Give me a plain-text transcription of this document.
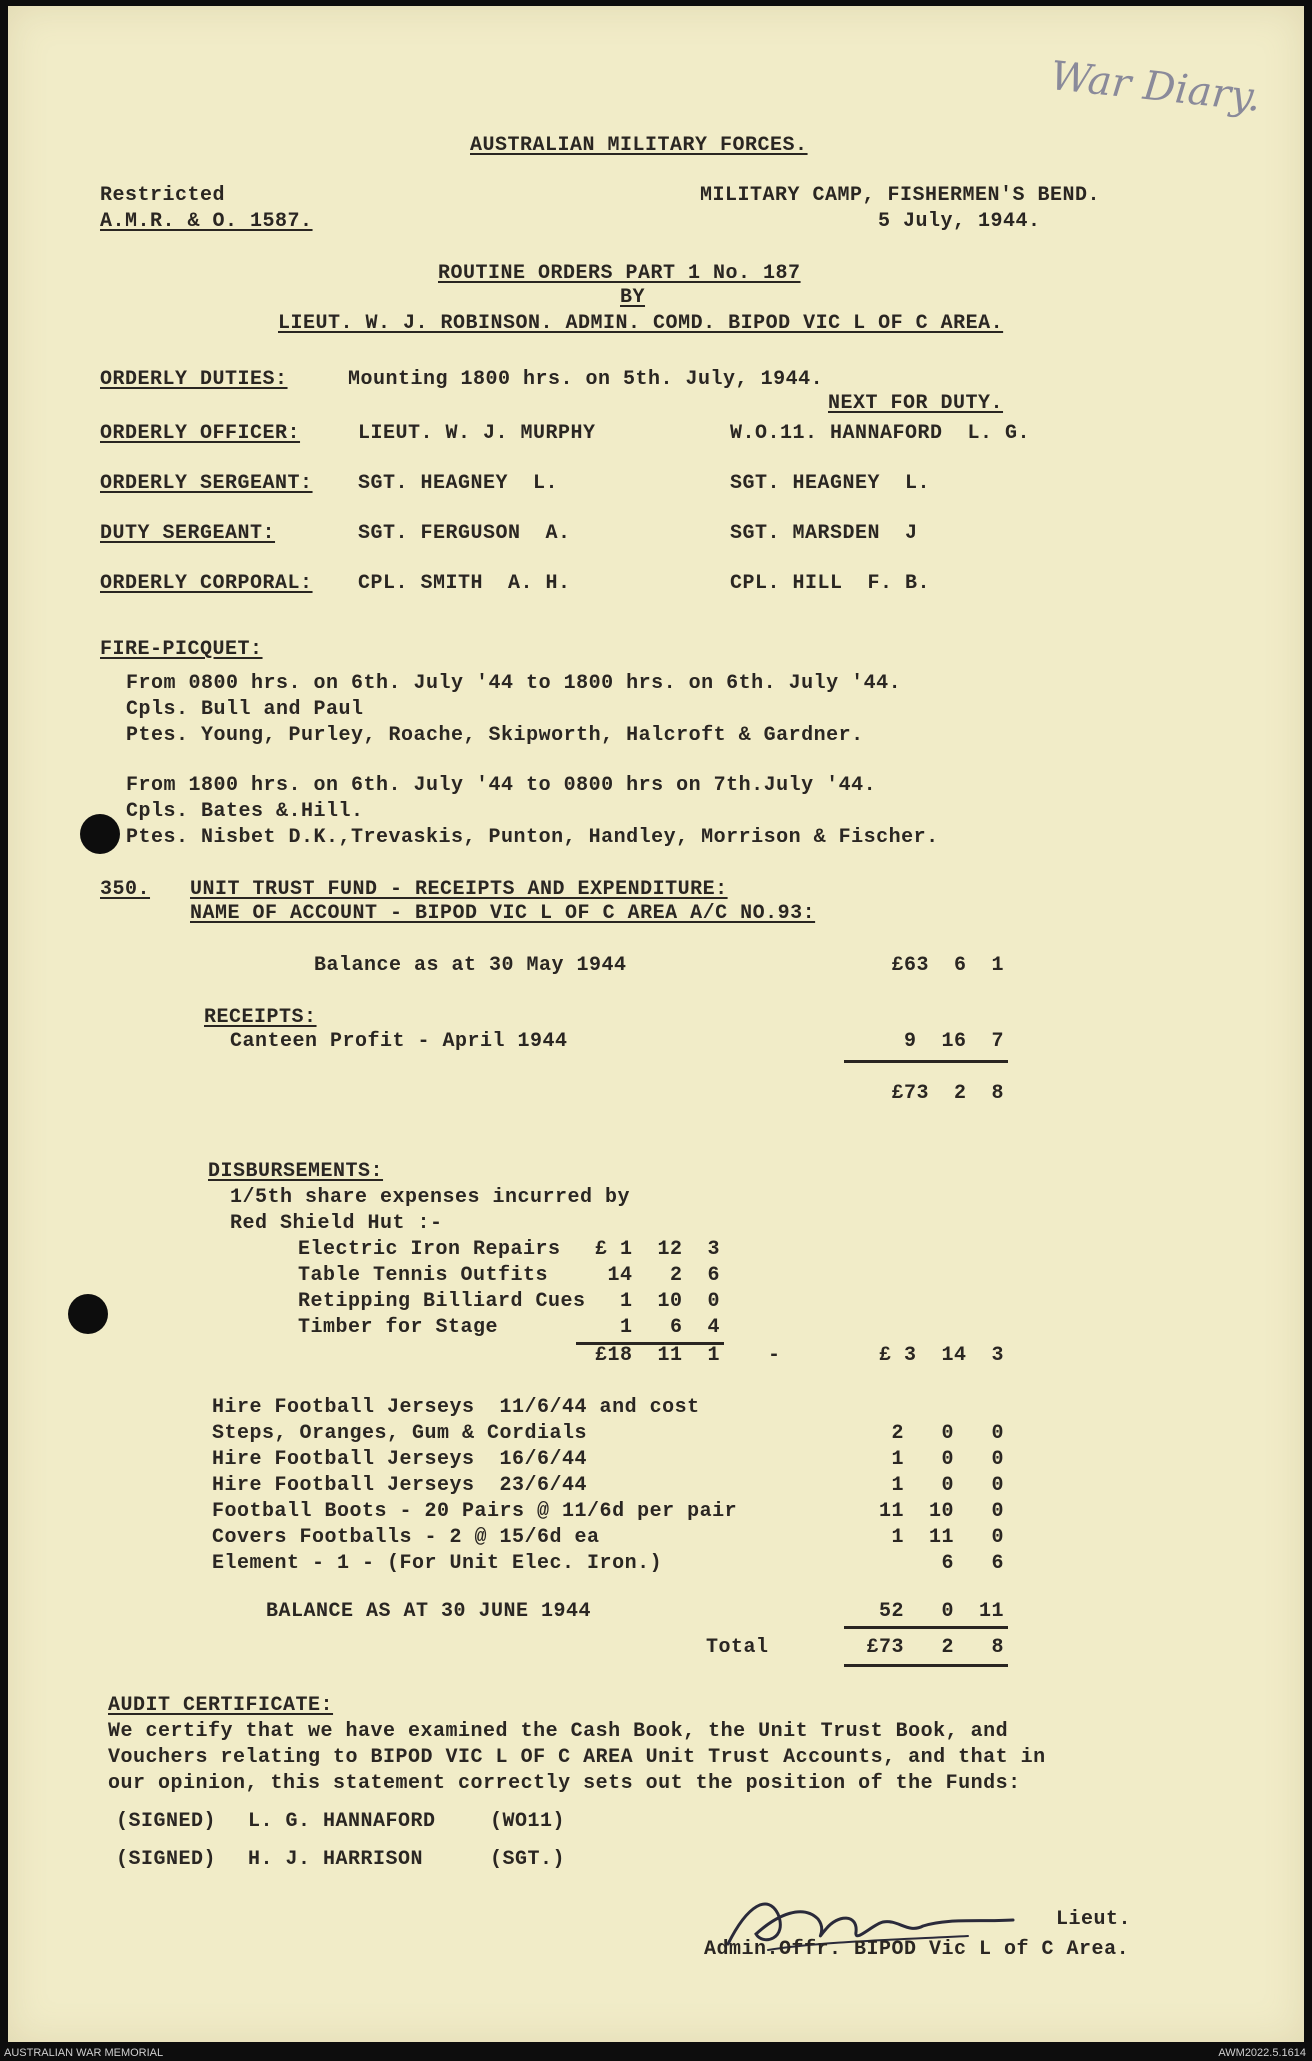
War Diary.
AUSTRALIAN MILITARY FORCES.
Restricted
A.M.R. & O. 1587.
MILITARY CAMP, FISHERMEN'S BEND.
5 July, 1944.
ROUTINE ORDERS PART 1 No. 187
BY
LIEUT. W. J. ROBINSON. ADMIN. COMD. BIPOD VIC L OF C AREA.
ORDERLY DUTIES:	Mounting 1800 hrs. on 5th. July, 1944.
NEXT FOR DUTY.
ORDERLY OFFICER:	LIEUT. W. J. MURPHY	W.O.11. HANNAFORD  L. G.
ORDERLY SERGEANT: SGT. HEAGNEY  L.	SGT. HEAGNEY  L.
DUTY SERGEANT:	SGT. FERGUSON  A.	SGT. MARSDEN  J
ORDERLY CORPORAL: CPL. SMITH  A. H.	CPL. HILL  F. B.
FIRE-PICQUET:
From 0800 hrs. on 6th. July '44 to 1800 hrs. on 6th. July '44.
Cpls. Bull and Paul
Ptes. Young, Purley, Roache, Skipworth, Halcroft & Gardner.
From 1800 hrs. on 6th. July '44 to 0800 hrs on 7th.July '44.
Cpls. Bates &.Hill.
Ptes. Nisbet D.K.,Trevaskis, Punton, Handley, Morrison & Fischer.
350. UNIT TRUST FUND - RECEIPTS AND EXPENDITURE:
NAME OF ACCOUNT - BIPOD VIC L OF C AREA A/C NO.93:
Balance as at 30 May 1944	£63  6  1
RECEIPTS:
Canteen Profit - April 1944	9  16  7
£73  2  8
DISBURSEMENTS:
1/5th share expenses incurred by
Red Shield Hut :-
Electric Iron Repairs	£ 1  12  3
Table Tennis Outfits	14   2  6
Retipping Billiard Cues	1  10  0
Timber for Stage	1   6  4
£18  11  1 -	£ 3  14  3
Hire Football Jerseys  11/6/44 and cost
Steps, Oranges, Gum & Cordials	2   0   0
Hire Football Jerseys  16/6/44	1   0   0
Hire Football Jerseys  23/6/44	1   0   0
Football Boots - 20 Pairs @ 11/6d per pair	11  10   0
Covers Footballs - 2 @ 15/6d ea	1  11   0
Element - 1 - (For Unit Elec. Iron.)	6   6
BALANCE AS AT 30 JUNE 1944	52   0  11
Total	£73   2   8
AUDIT CERTIFICATE:
We certify that we have examined the Cash Book, the Unit Trust Book, and
Vouchers relating to BIPOD VIC L OF C AREA Unit Trust Accounts, and that in
our opinion, this statement correctly sets out the position of the Funds:
(SIGNED) L. G. HANNAFORD	(WO11)
(SIGNED) H. J. HARRISON	(SGT.)
Lieut.
Admin.Offr. BIPOD Vic L of C Area.
AUSTRALIAN WAR MEMORIAL	AWM2022.5.1614
